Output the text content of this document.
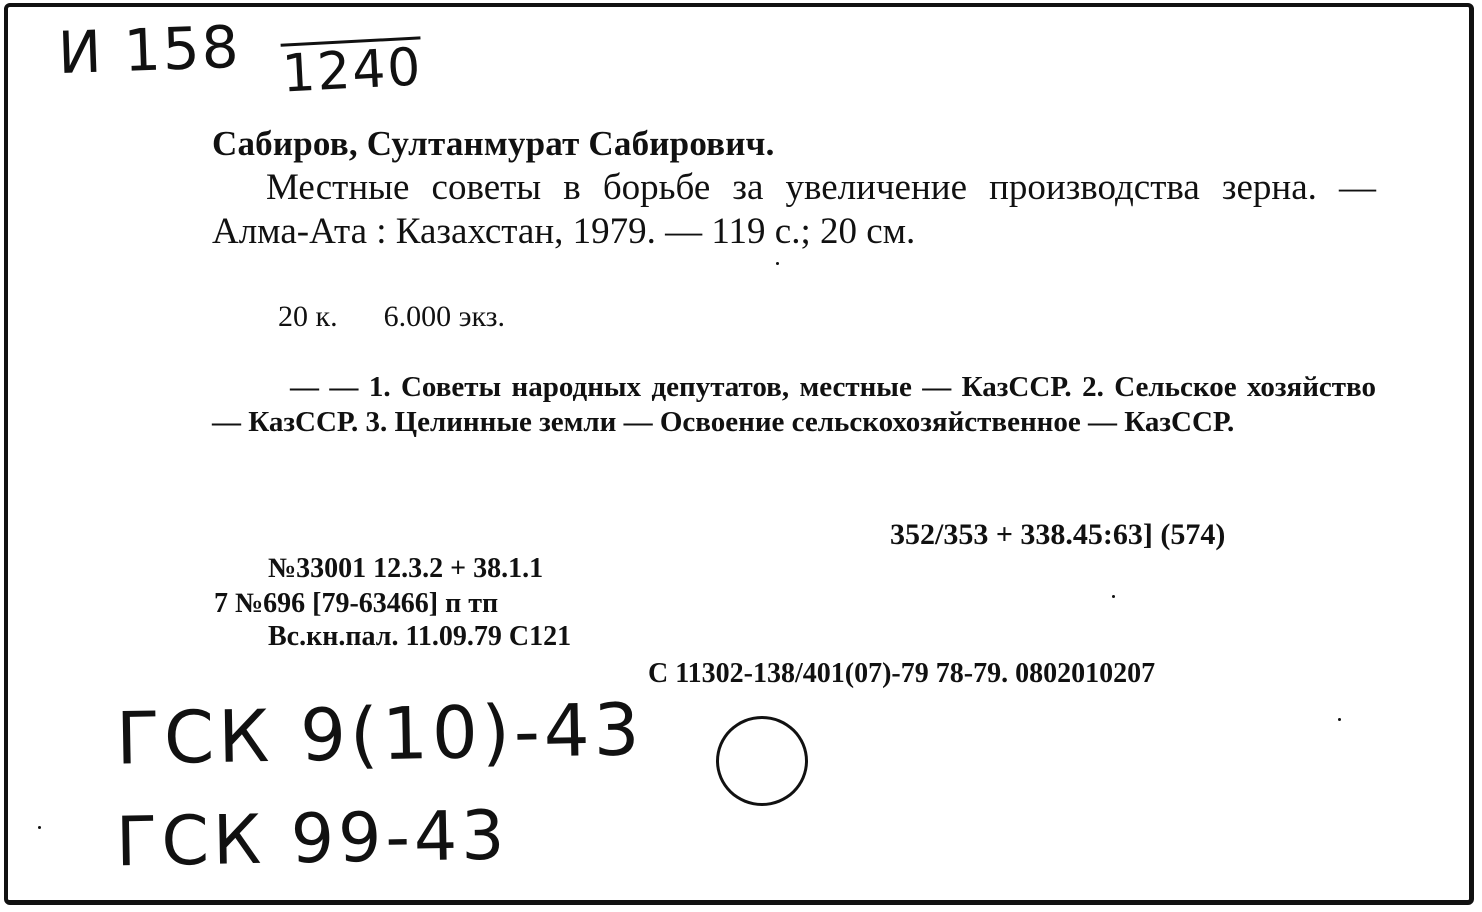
И 158 1240
Сабиров, Султанмурат Сабирович.
Местные советы в борьбе за увеличение производства зерна. — Алма-Ата : Казахстан, 1979. — 119 с.; 20 см.
20 к. 6.000 экз.
— — 1. Советы народных депутатов, местные — КазССР. 2. Сельское хозяйство — КазССР. 3. Целинные земли — Освоение сельскохозяйственное — КазССР.
352/353 + 338.45:63] (574)
№33001 12.3.2 + 38.1.1
7 №696 [79-63466] п тп
Вс.кн.пал. 11.09.79 С121
С 11302-138/401(07)-79 78-79. 0802010207
ГСК 9(10)-43
ГСК 99-43
